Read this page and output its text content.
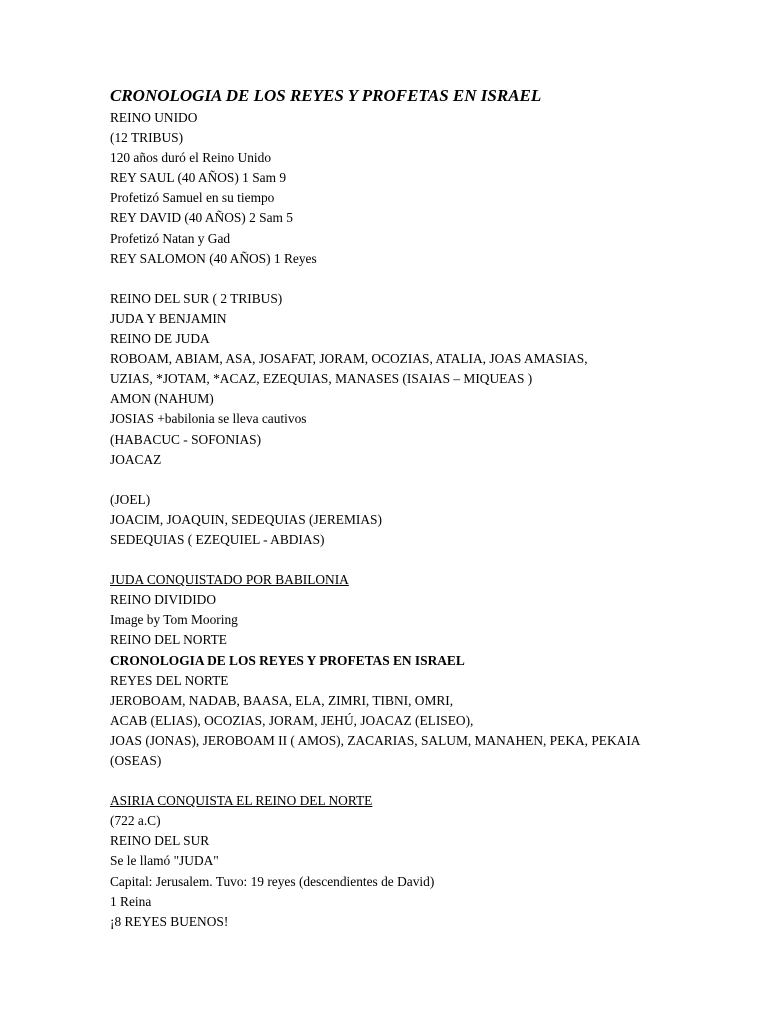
CRONOLOGIA DE LOS REYES Y PROFETAS EN ISRAEL
REINO UNIDO
(12 TRIBUS)
120 años duró el Reino Unido
REY SAUL (40 AÑOS) 1 Sam 9
Profetizó Samuel en su tiempo
REY DAVID (40 AÑOS) 2 Sam 5
Profetizó Natan y Gad
REY SALOMON (40 AÑOS) 1 Reyes
REINO DEL SUR ( 2 TRIBUS)
JUDA Y BENJAMIN
REINO DE JUDA
ROBOAM, ABIAM, ASA, JOSAFAT, JORAM, OCOZIAS, ATALIA, JOAS AMASIAS,
UZIAS, *JOTAM, *ACAZ, EZEQUIAS, MANASES (ISAIAS – MIQUEAS )
AMON (NAHUM)
JOSIAS +babilonia se lleva cautivos
(HABACUC - SOFONIAS)
JOACAZ
(JOEL)
JOACIM, JOAQUIN, SEDEQUIAS (JEREMIAS)
SEDEQUIAS ( EZEQUIEL - ABDIAS)
JUDA CONQUISTADO POR BABILONIA
REINO DIVIDIDO
Image by Tom Mooring
REINO DEL NORTE
CRONOLOGIA DE LOS REYES Y PROFETAS EN ISRAEL
REYES DEL NORTE
JEROBOAM, NADAB, BAASA, ELA, ZIMRI, TIBNI, OMRI,
ACAB (ELIAS), OCOZIAS, JORAM, JEHÚ, JOACAZ (ELISEO),
JOAS (JONAS), JEROBOAM II ( AMOS), ZACARIAS, SALUM, MANAHEN, PEKA, PEKAIA
(OSEAS)
ASIRIA CONQUISTA EL REINO DEL NORTE
(722 a.C)
REINO DEL SUR
Se le llamó "JUDA"
Capital: Jerusalem. Tuvo: 19 reyes (descendientes de David)
1 Reina
¡8 REYES BUENOS!
